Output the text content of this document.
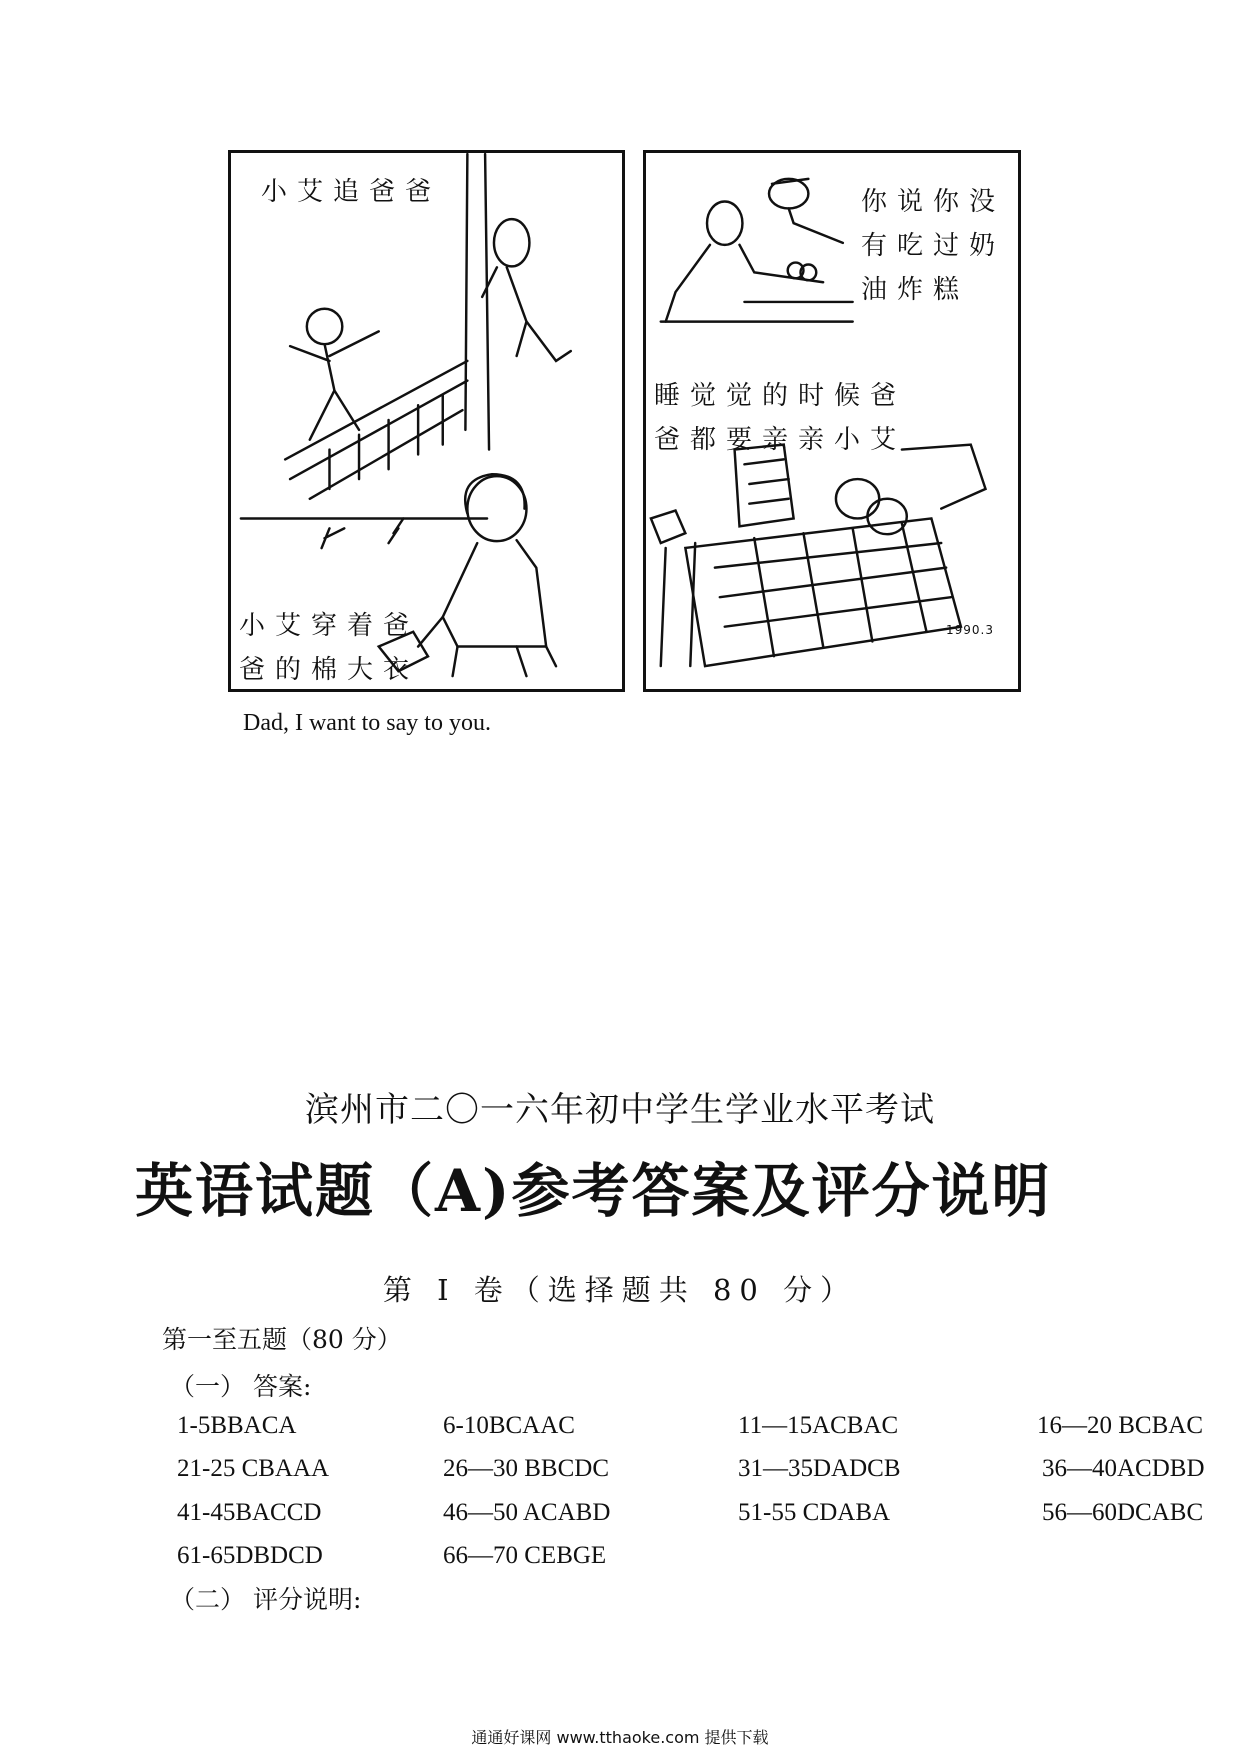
小艾追爸爸
小艾穿着爸
爸的棉大衣
你说你没
有吃过奶
油炸糕
睡觉觉的时候爸
爸都要亲亲小艾
1990.3
Dad, I want to say to you.
滨州市二〇一六年初中学生学业水平考试
英语试题（A)参考答案及评分说明
第 I 卷（选择题共 80 分）
第一至五题（80 分）
（一） 答案:
1-5BBACA	6-10BCAAC	11—15ACBAC	16—20 BCBAC
21-25 CBAAA	26—30 BBCDC	31—35DADCB	36—40ACDBD
41-45BACCD	46—50 ACABD	51-55 CDABA	56—60DCABC
61-65DBDCD	66—70 CEBGE
（二） 评分说明:
通通好课网 www.tthaoke.com 提供下载
